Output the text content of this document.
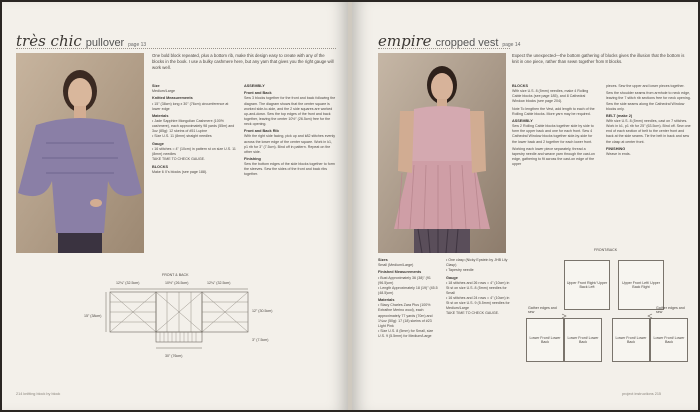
très chic pullover page 13
One bold block repeated, plus a bottom rib, make this design easy to create with any of the blocks in the book. I use a bulky cashmere here, but any yarn that gives you the right gauge will work well.

Size
Medium/Large

Knitted Measurements
• 15" (38cm) long x 30" (76cm) circumference at lower edge

Materials
• Jade Sapphire Mongolian Cashmere (100% cashmere), each approximately 98 yards (55m) and 3oz (85g): 12 skeins of #51 Lupine
• Size U.S. 11 (8mm) straight needles

Gauge
• 16 stitches = 4" (10cm) in pattern st on size U.S. 11 (8mm) needles
TAKE TIME TO CHECK GAUGE.

BLOCKS
Make 6 X's blocks (see page 188).

ASSEMBLY

Front and Back
Sew 3 blocks together for the front and back following the diagram. The diagram shows that the center square is worked side-to-side, and the 2 side squares are worked up-and-down. Sew the top edges of the front and back together, leaving the center 10½" (26.5cm) free for the neck opening.

Front and Back Rib
With the right side facing, pick up and k82 stitches evenly across the lower edge of the center square. Work in k1, p1 rib for 3" (7.5cm). Bind off in pattern. Repeat on the other side.

Finishing
Sew the bottom edges of the side blocks together to form the sleeves. Sew the sides of the front and back ribs together.

FRONT & BACK
12¾" (32.5cm)	10½" (26.5cm)	12¾" (32.5cm)
15" (38cm)
12" (30.5cm)
3" (7.5cm)
30" (76cm)
214 knitting block by block
empire cropped vest page 14
Expect the unexpected—the bottom gathering of blocks gives the illusion that the bottom is knit in one piece, rather than sewn together from 8 blocks.

BLOCKS
With size U.S. 8 (5mm) needles, make 4 Rolling Cable blocks (see page 185), and 8 Cathedral Window blocks (see page 204).

Note To lengthen the Vest, add length to each of the Rolling Cable blocks. More yarn may be required.

ASSEMBLY
Sew 2 Rolling Cable blocks together side by side to form the upper back and one for each front. Sew 4 Cathedral Window blocks together side-by-side for the lower back and 2 together for each lower front.

Working each lower piece separately, thread a tapestry needle and weave yarn through the cast-on edge, gathering to fit across the cast-on edge of the upper

pieces. Sew the upper and lower pieces together.

Sew the shoulder seams from armhole to neck edge, leaving the 7 stitch rib sections free for neck opening. Sew the side seams along the Cathedral Window blocks only.

BELT (make 2)
With size U.S. 8 (5mm) needles, cast on 7 stitches. Work in k1, p1 rib for 25" (63.5cm). Bind off. Sew one end of each section of belt to the center front and back at the side seams. Tie the belt in back and sew the clasp at center front.

FINISHING
Weave in ends.

Sizes
Small (Medium/Large)

Finished Measurements
• Bust Approximately 36 (38)" (91 (96.5)cm)
• Length Approximately 18 (19)" (45.5 (48.5)cm)

Materials
• Stacy Charles Zara Plus (100% Extrafine Merino wool), each approximately 77 yards (70m) and 1¾oz (50g): 17 (18) skeins of #23 Light Pink
• Size U.S. 8 (5mm) for Small, size U.S. 9 (5.5mm) for Medium/Large

• One clasp (Nicky Epstein by JHB Lily Clasp)
• Tapestry needle

Gauge
• 18 stitches and 26 rows = 4" (10cm) in St st on size U.S. 8 (5mm) needles for Small
• 16 stitches and 24 rows = 4" (10cm) in St st on size U.S. 9 (5.5mm) needles for Medium/Large
TAKE TIME TO CHECK GAUGE.

FRONT/BACK
Upper Front Right/ Upper Back Left
Upper Front Left/ Upper Back Right
Lower Front/ Lower Back
Lower Front/ Lower Back
Lower Front/ Lower Back
Lower Front/ Lower Back
Gather edges and sew
Gather edges and sew
project instructions 215
